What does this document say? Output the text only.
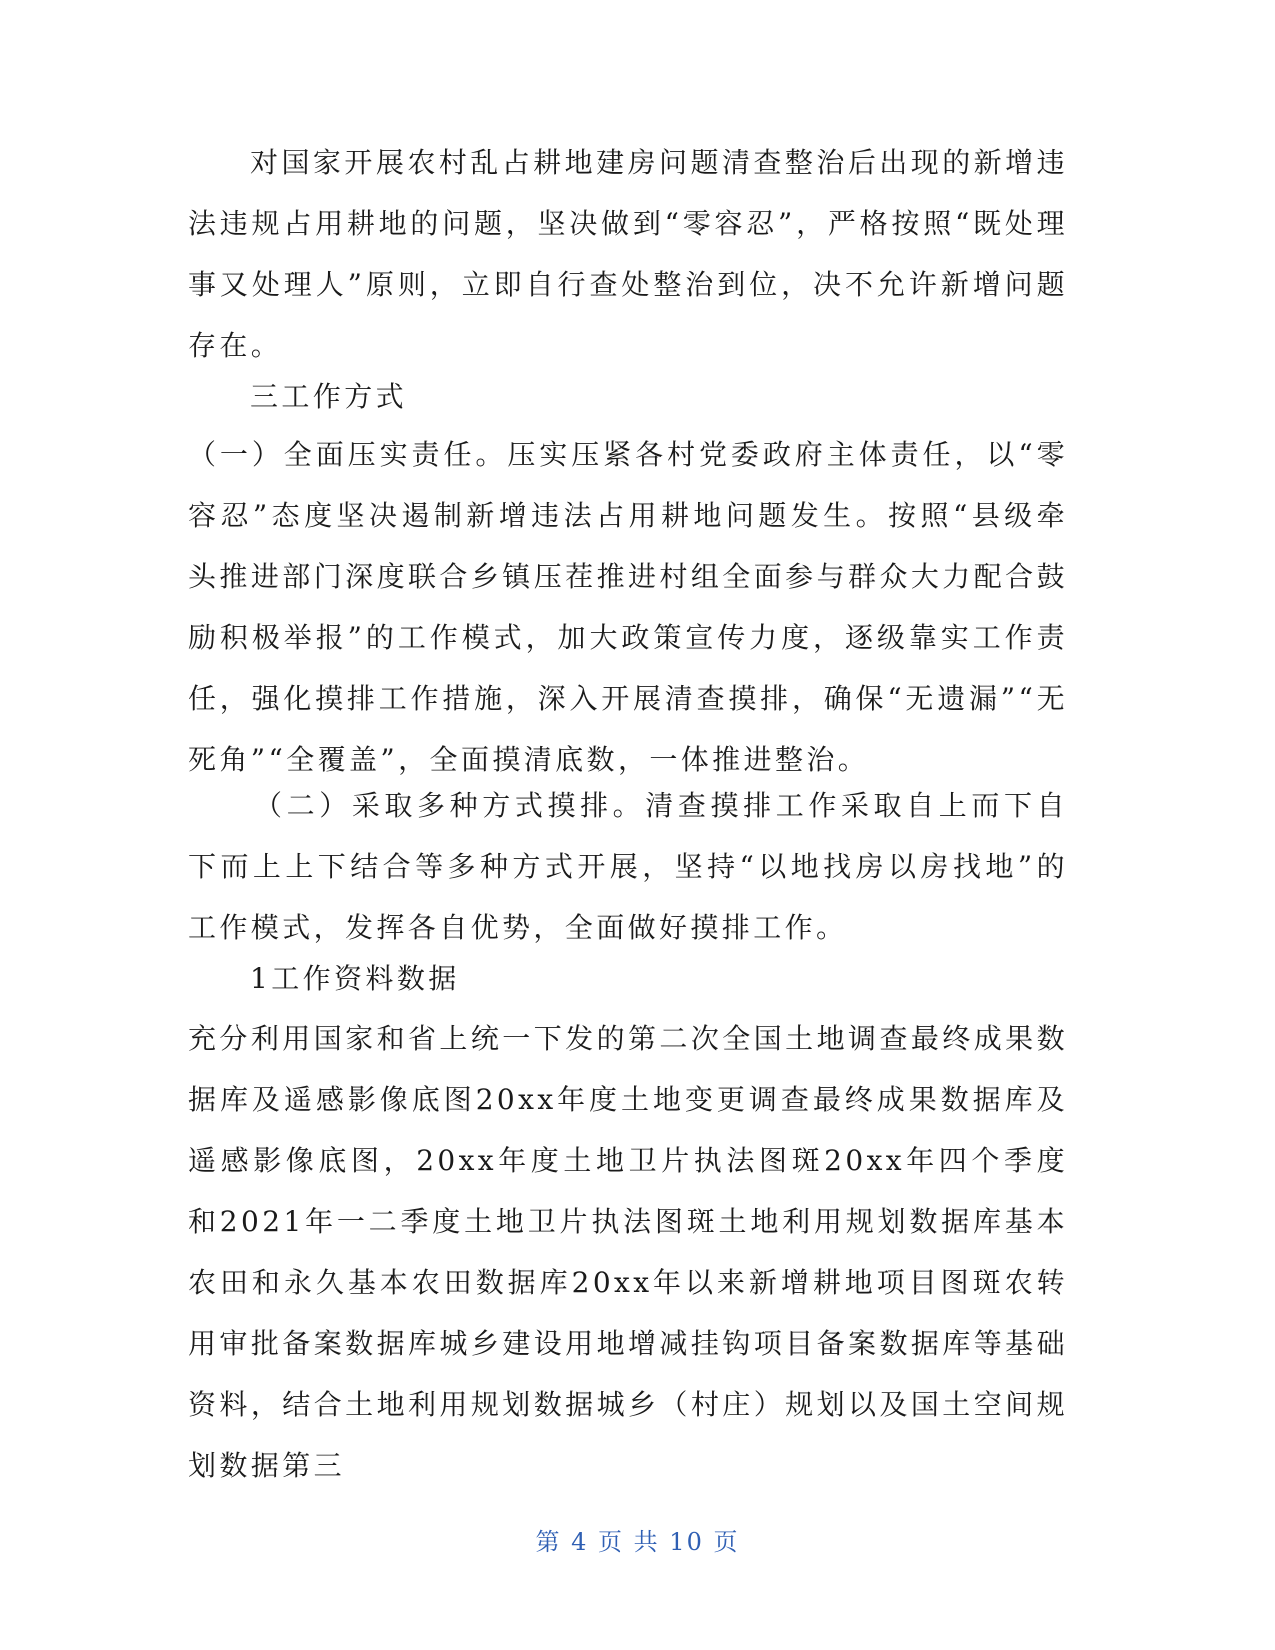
对国家开展农村乱占耕地建房问题清查整治后出现的新增违法违规占用耕地的问题，坚决做到“零容忍”，严格按照“既处理事又处理人”原则，立即自行查处整治到位，决不允许新增问题存在。

三工作方式

（一）全面压实责任。压实压紧各村党委政府主体责任，以“零容忍”态度坚决遏制新增违法占用耕地问题发生。按照“县级牵头推进部门深度联合乡镇压茬推进村组全面参与群众大力配合鼓励积极举报”的工作模式，加大政策宣传力度，逐级靠实工作责任，强化摸排工作措施，深入开展清查摸排，确保“无遗漏”“无死角”“全覆盖”，全面摸清底数，一体推进整治。

（二）采取多种方式摸排。清查摸排工作采取自上而下自下而上上下结合等多种方式开展，坚持“以地找房以房找地”的工作模式，发挥各自优势，全面做好摸排工作。

1工作资料数据

充分利用国家和省上统一下发的第二次全国土地调查最终成果数据库及遥感影像底图20xx年度土地变更调查最终成果数据库及遥感影像底图，20xx年度土地卫片执法图斑20xx年四个季度和2021年一二季度土地卫片执法图斑土地利用规划数据库基本农田和永久基本农田数据库20xx年以来新增耕地项目图斑农转用审批备案数据库城乡建设用地增减挂钩项目备案数据库等基础资料，结合土地利用规划数据城乡（村庄）规划以及国土空间规划数据第三

第 4 页 共 10 页
